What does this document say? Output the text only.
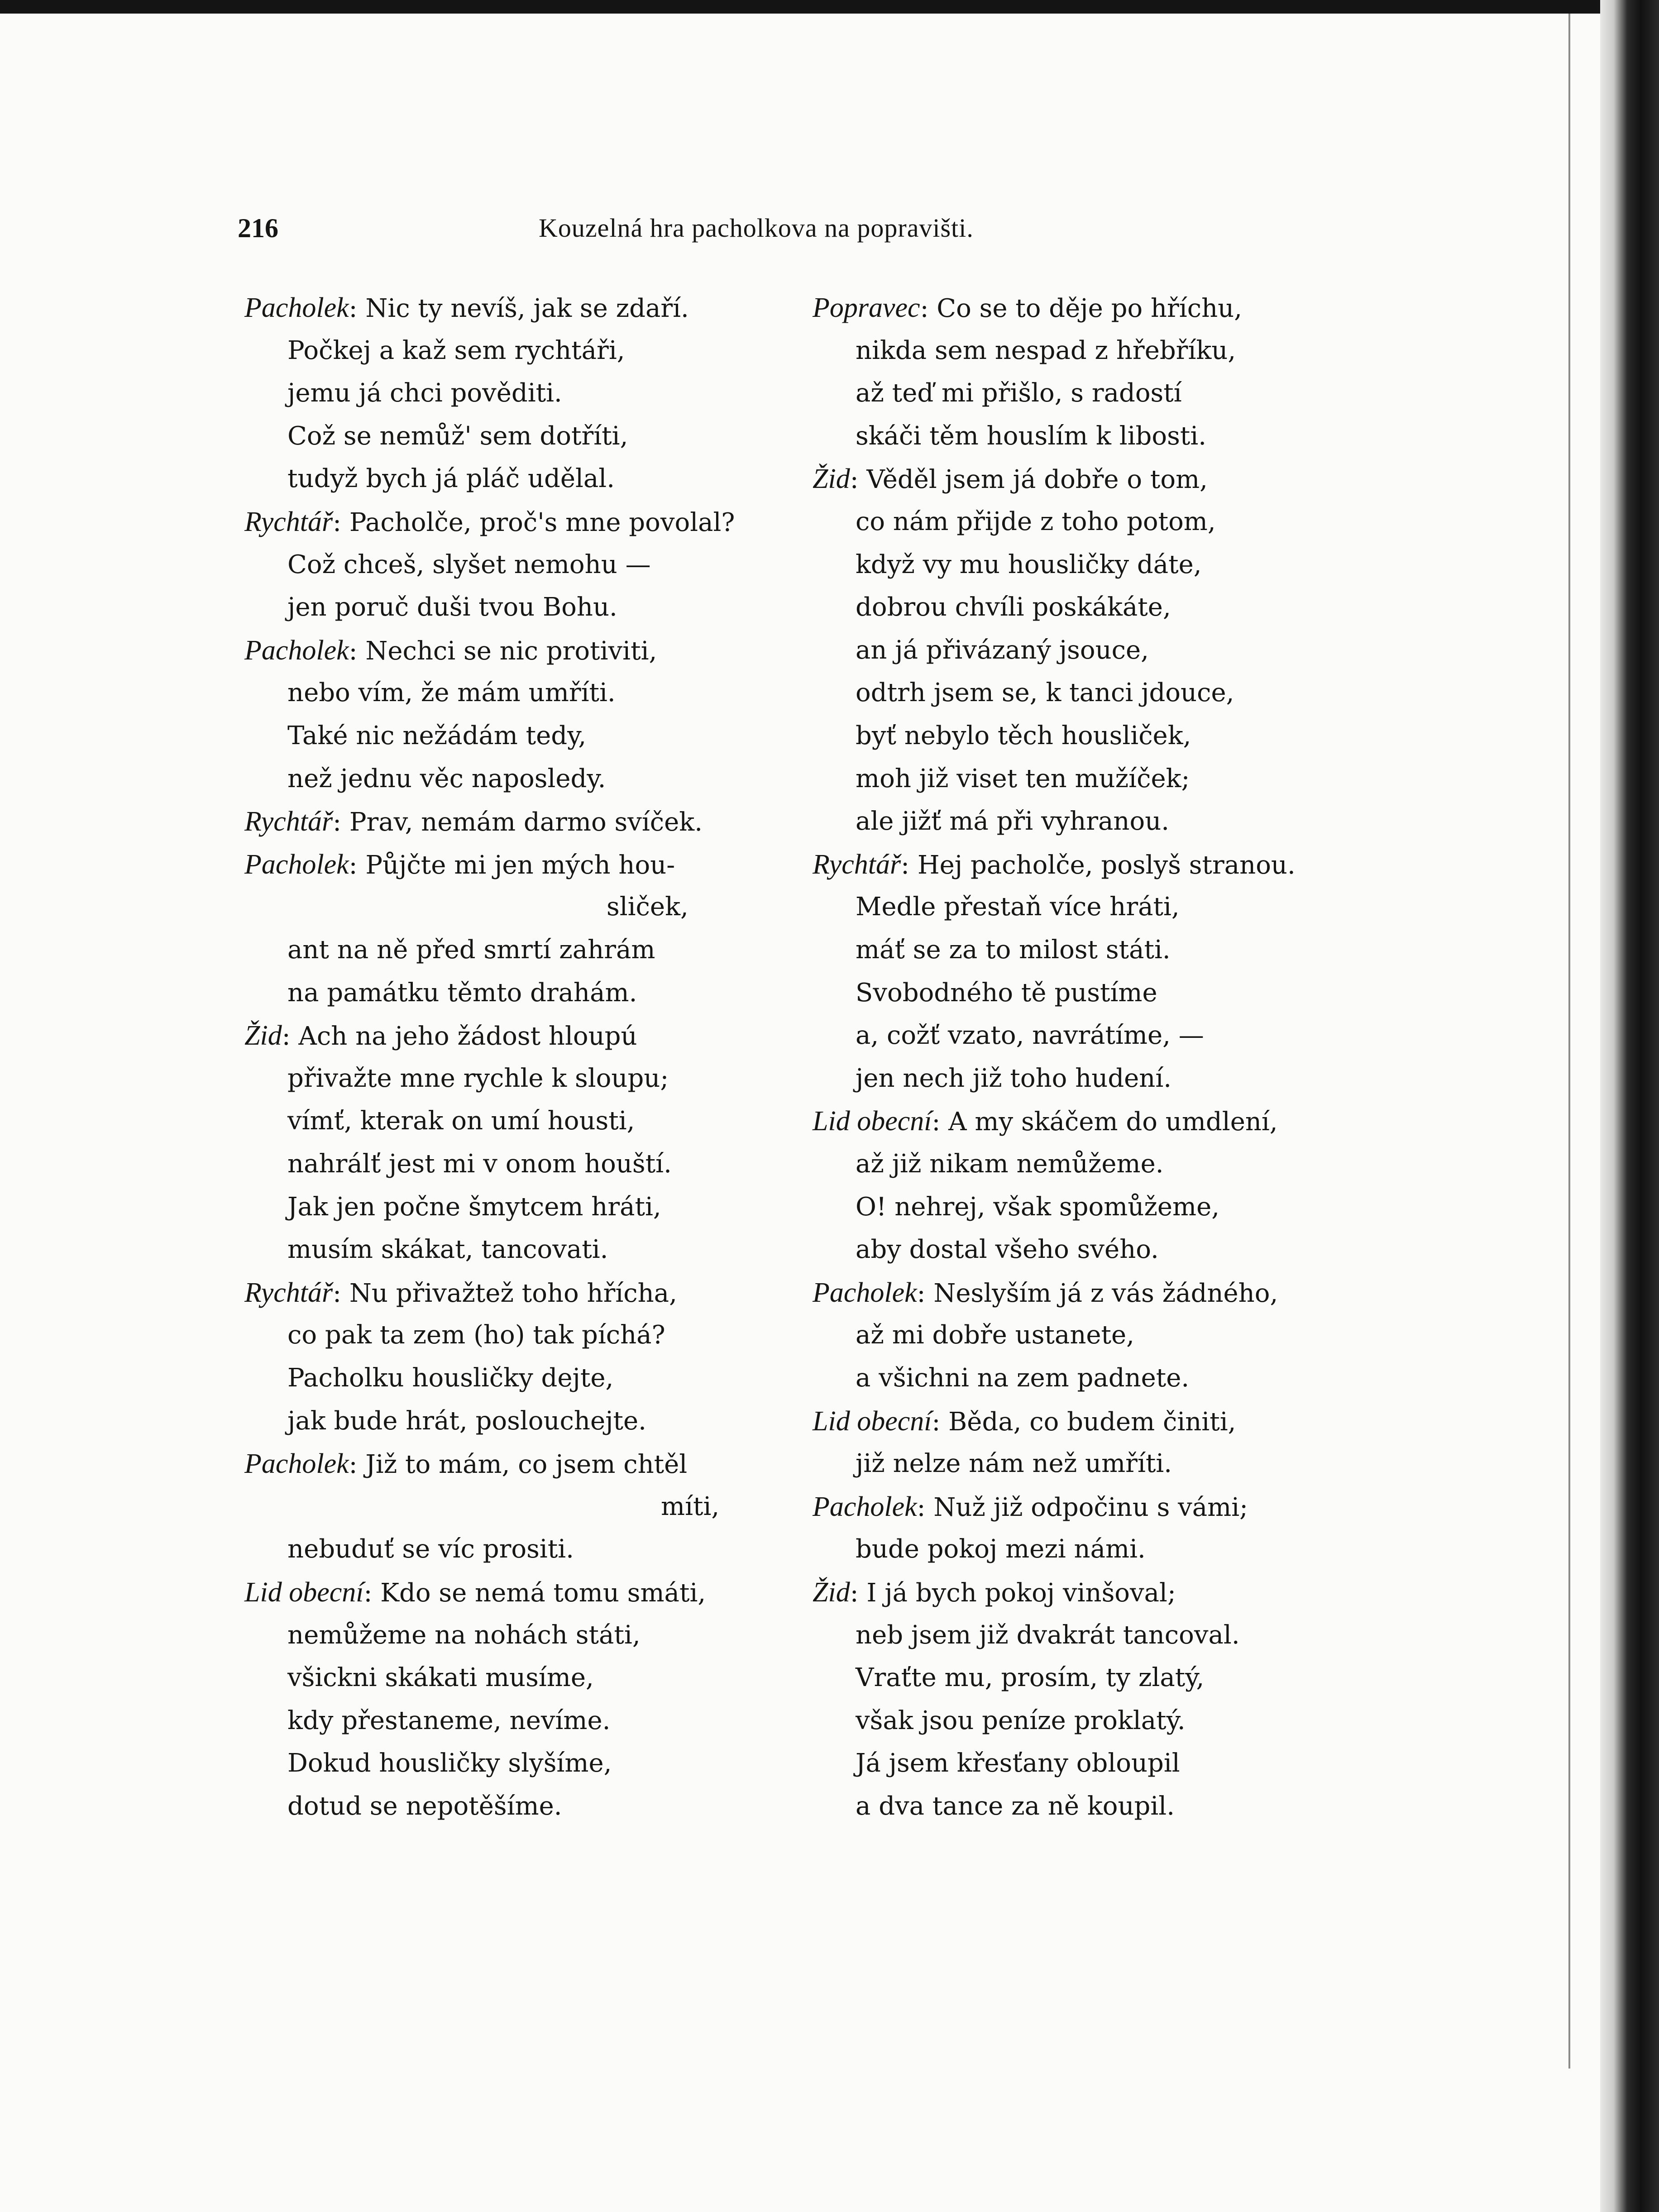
216	Kouzelná hra pacholkova na popravišti.
Pacholek: Nic ty nevíš, jak se zdaří.
Počkej a kaž sem rychtáři,
jemu já chci pověditi.
Což se nemůž' sem dotříti,
tudyž bych já pláč udělal.
Rychtář: Pacholče, proč's mne povolal?
Což chceš, slyšet nemohu —
jen poruč duši tvou Bohu.
Pacholek: Nechci se nic protiviti,
nebo vím, že mám umříti.
Také nic nežádám tedy,
než jednu věc naposledy.
Rychtář: Prav, nemám darmo svíček.
Pacholek: Půjčte mi jen mých hou-
sliček,
ant na ně před smrtí zahrám
na památku těmto drahám.
Žid: Ach na jeho žádost hloupú
přivažte mne rychle k sloupu;
vímť, kterak on umí housti,
nahrálť jest mi v onom houští.
Jak jen počne šmytcem hráti,
musím skákat, tancovati.
Rychtář: Nu přivažtež toho hřícha,
co pak ta zem (ho) tak píchá?
Pacholku housličky dejte,
jak bude hrát, poslouchejte.
Pacholek: Již to mám, co jsem chtěl
míti,
nebuduť se víc prositi.
Lid obecní: Kdo se nemá tomu smáti,
nemůžeme na nohách státi,
všickni skákati musíme,
kdy přestaneme, nevíme.
Dokud housličky slyšíme,
dotud se nepotěšíme.
Popravec: Co se to děje po hříchu,
nikda sem nespad z hřebříku,
až teď mi přišlo, s radostí
skáči těm houslím k libosti.
Žid: Věděl jsem já dobře o tom,
co nám přijde z toho potom,
když vy mu housličky dáte,
dobrou chvíli poskákáte,
an já přivázaný jsouce,
odtrh jsem se, k tanci jdouce,
byť nebylo těch housliček,
moh již viset ten mužíček;
ale jižť má při vyhranou.
Rychtář: Hej pacholče, poslyš stranou.
Medle přestaň více hráti,
máť se za to milost státi.
Svobodného tě pustíme
a, cožť vzato, navrátíme, —
jen nech již toho hudení.
Lid obecní: A my skáčem do umdlení,
až již nikam nemůžeme.
O! nehrej, však spomůžeme,
aby dostal všeho svého.
Pacholek: Neslyším já z vás žádného,
až mi dobře ustanete,
a všichni na zem padnete.
Lid obecní: Běda, co budem činiti,
již nelze nám než umříti.
Pacholek: Nuž již odpočinu s vámi;
bude pokoj mezi námi.
Žid: I já bych pokoj vinšoval;
neb jsem již dvakrát tancoval.
Vraťte mu, prosím, ty zlatý,
však jsou peníze proklatý.
Já jsem křesťany obloupil
a dva tance za ně koupil.
